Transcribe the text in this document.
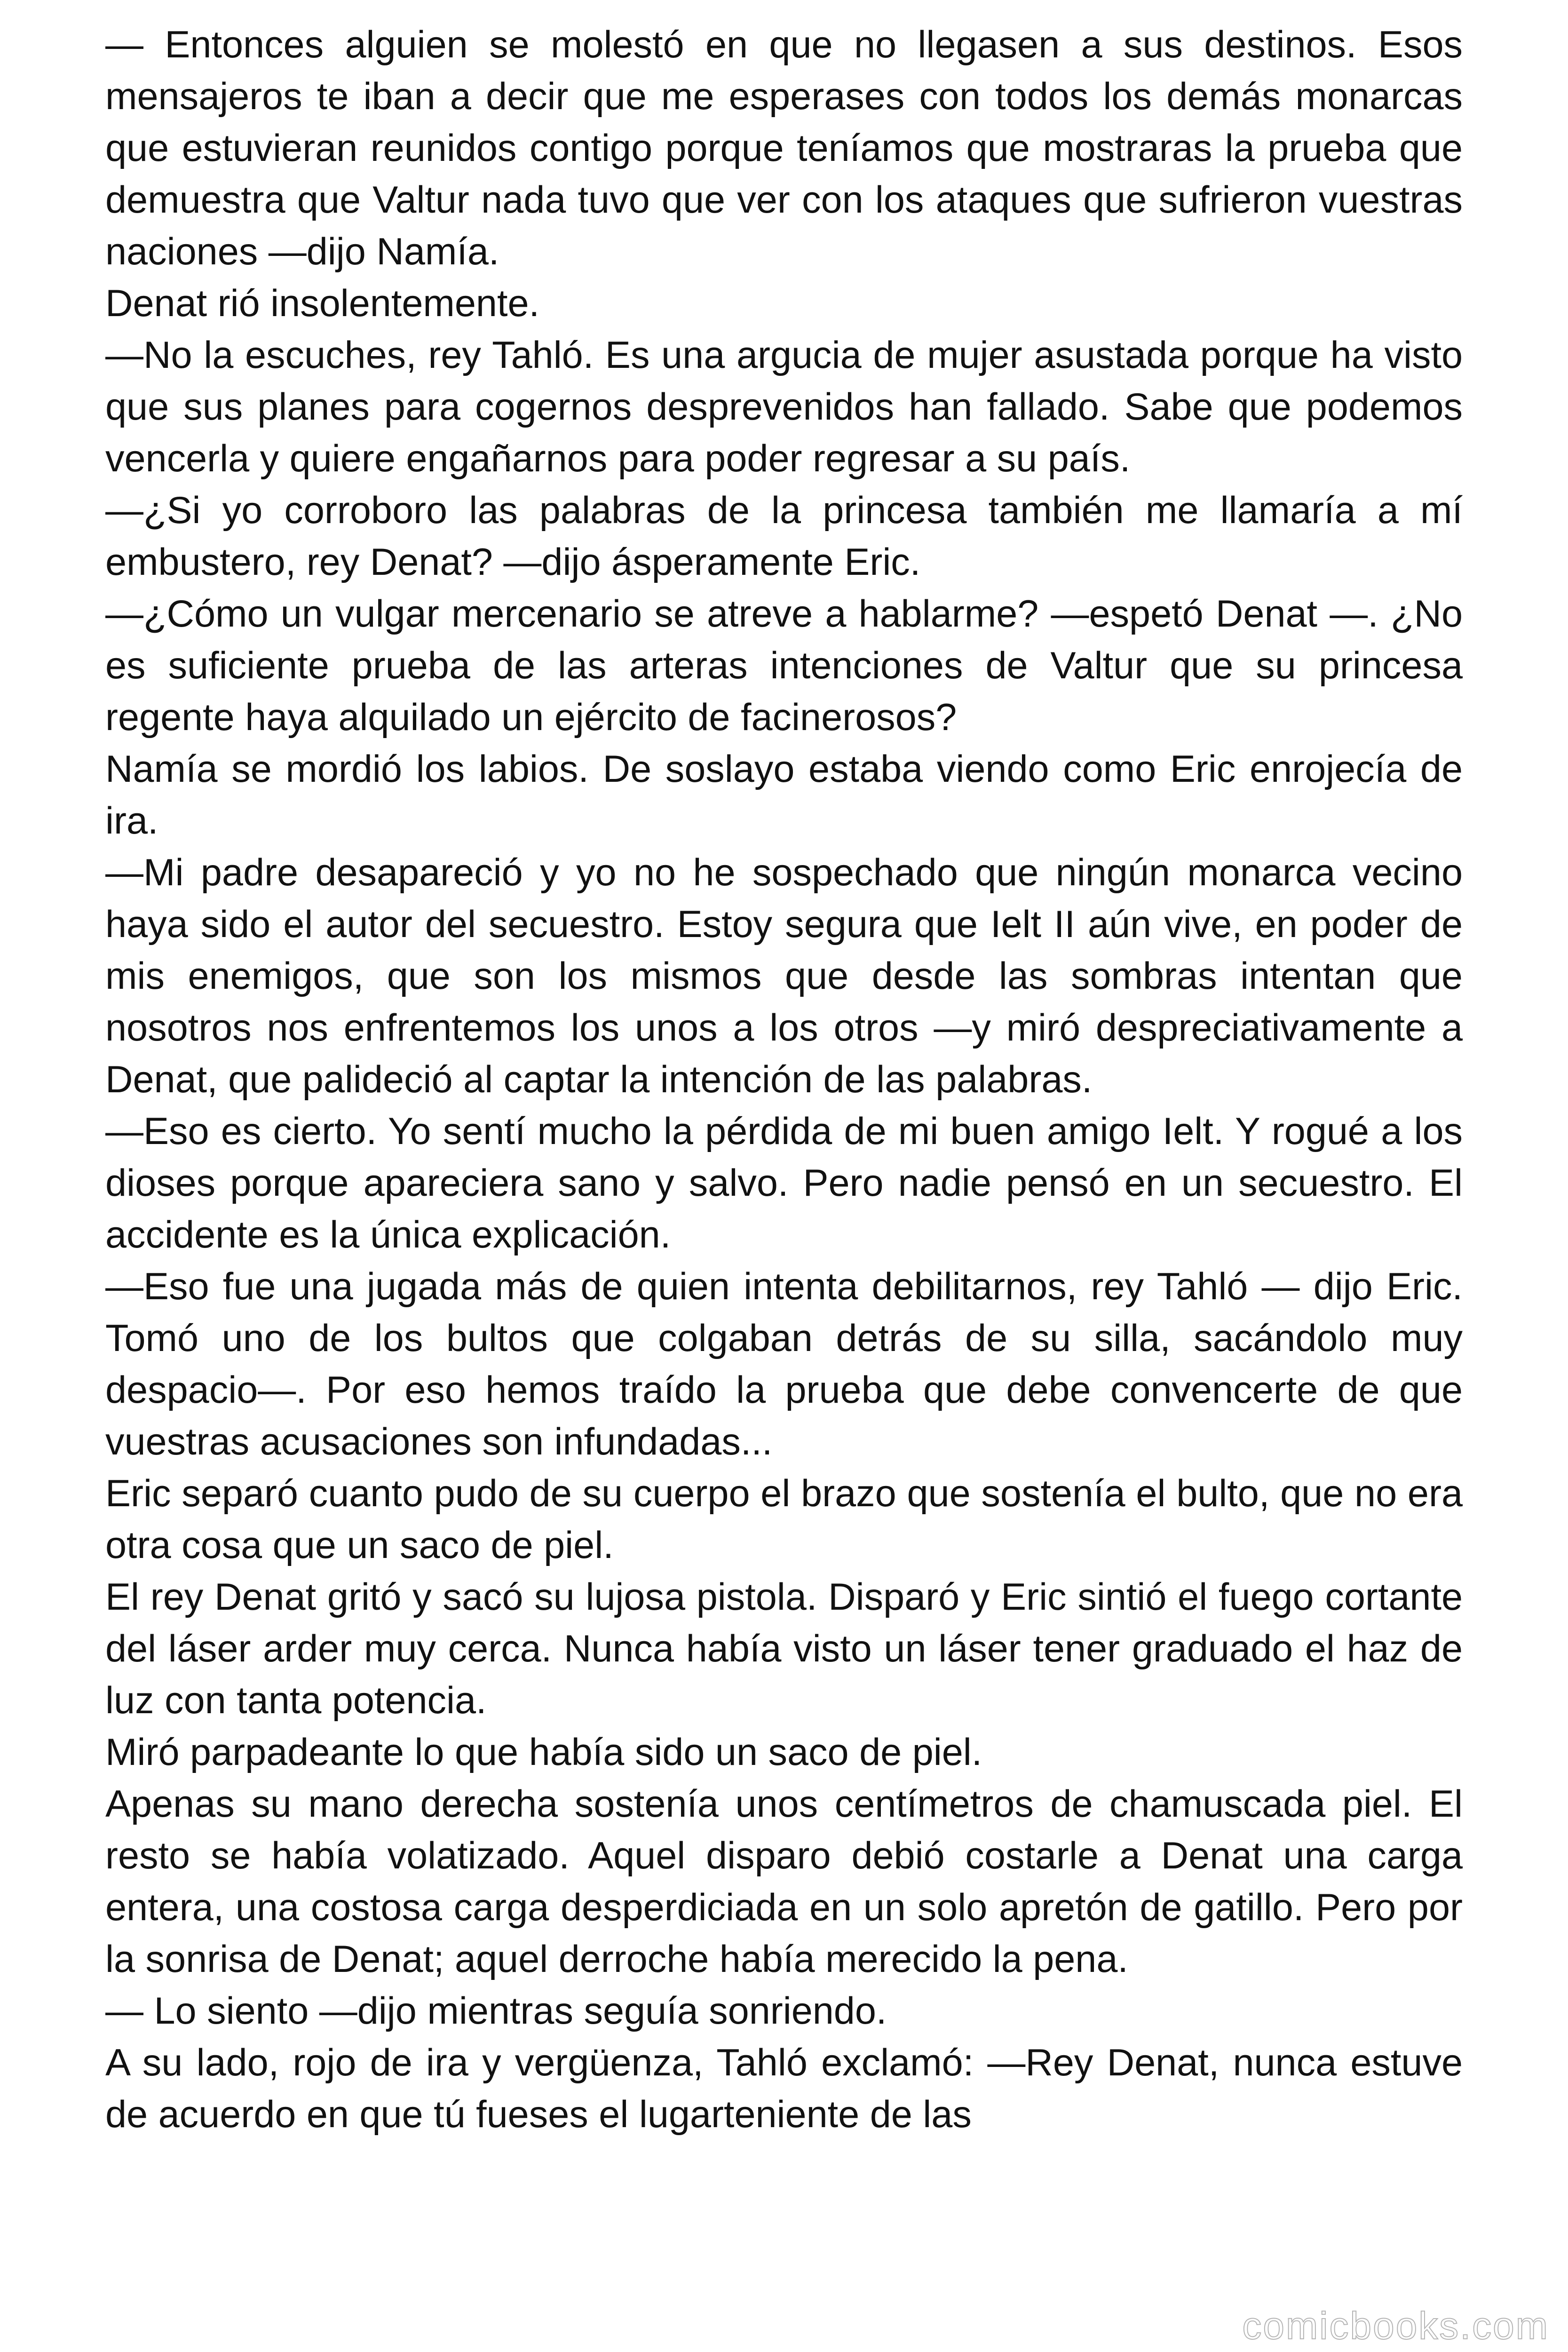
— Entonces alguien se molestó en que no llegasen a sus destinos. Esos mensajeros te iban a decir que me esperases con todos los demás monarcas que estuvieran reunidos contigo porque teníamos que mostraras la prueba que demuestra que Valtur nada tuvo que ver con los ataques que sufrieron vuestras naciones —dijo Namía.

Denat rió insolentemente.

—No la escuches, rey Tahló. Es una argucia de mujer asustada porque ha visto que sus planes para cogernos desprevenidos han fallado. Sabe que podemos vencerla y quiere engañarnos para poder regresar a su país.

—¿Si yo corroboro las palabras de la princesa también me llamaría a mí embustero, rey Denat? —dijo ásperamente Eric.

—¿Cómo un vulgar mercenario se atreve a hablarme? —espetó Denat —. ¿No es suficiente prueba de las arteras intenciones de Valtur que su princesa regente haya alquilado un ejército de facinerosos?

Namía se mordió los labios. De soslayo estaba viendo como Eric enrojecía de ira.

—Mi padre desapareció y yo no he sospechado que ningún monarca vecino haya sido el autor del secuestro. Estoy segura que Ielt II aún vive, en poder de mis enemigos, que son los mismos que desde las sombras intentan que nosotros nos enfrentemos los unos a los otros —y miró despreciativamente a Denat, que palideció al captar la intención de las palabras.

—Eso es cierto. Yo sentí mucho la pérdida de mi buen amigo Ielt. Y rogué a los dioses porque apareciera sano y salvo. Pero nadie pensó en un secuestro. El accidente es la única explicación.

—Eso fue una jugada más de quien intenta debilitarnos, rey Tahló — dijo Eric. Tomó uno de los bultos que colgaban detrás de su silla, sacándolo muy despacio—. Por eso hemos traído la prueba que debe convencerte de que vuestras acusaciones son infundadas...

Eric separó cuanto pudo de su cuerpo el brazo que sostenía el bulto, que no era otra cosa que un saco de piel.

El rey Denat gritó y sacó su lujosa pistola. Disparó y Eric sintió el fuego cortante del láser arder muy cerca. Nunca había visto un láser tener graduado el haz de luz con tanta potencia.

Miró parpadeante lo que había sido un saco de piel.

Apenas su mano derecha sostenía unos centímetros de chamuscada piel. El resto se había volatizado. Aquel disparo debió costarle a Denat una carga entera, una costosa carga desperdiciada en un solo apretón de gatillo. Pero por la sonrisa de Denat; aquel derroche había merecido la pena.

— Lo siento —dijo mientras seguía sonriendo.

A su lado, rojo de ira y vergüenza, Tahló exclamó: —Rey Denat, nunca estuve de acuerdo en que tú fueses el lugarteniente de las

comicbooks.com
